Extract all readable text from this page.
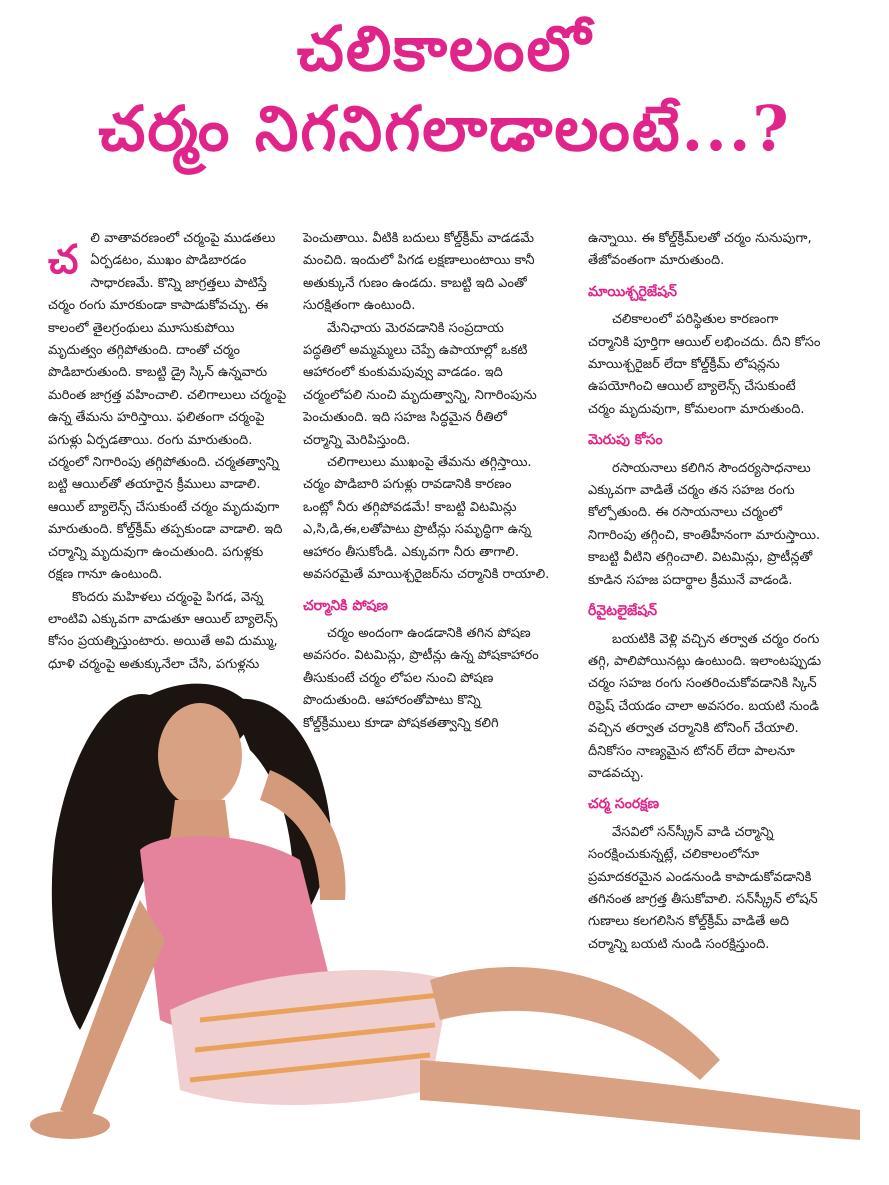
చలికాలంలో
చర్మం నిగనిగలాడాలంటే...?
చ లి వాతావరణంలో చర్మంపై ముడతలు
ఏర్పడటం, ముఖం పొడిబారడం
సాధారణమే. కొన్ని జాగ్రత్తలు పాటిస్తే
చర్మం రంగు మారకుండా కాపాడుకోవచ్చు. ఈ
కాలంలో తైలగ్రంథులు మూసుకుపోయి
మృదుత్వం తగ్గిపోతుంది. దాంతో చర్మం
పొడిబారుతుంది. కాబట్టి డ్రై స్కిన్ ఉన్నవారు
మరింత జాగ్రత్త వహించాలి. చలిగాలులు చర్మంపై
ఉన్న తేమను హరిస్తాయి. ఫలితంగా చర్మంపై
పగుళ్లు ఏర్పడతాయి. రంగు మారుతుంది.
చర్మంలో నిగారింపు తగ్గిపోతుంది. చర్మతత్వాన్ని
బట్టి ఆయిల్‌తో తయారైన క్రీములు వాడాలి.
ఆయిల్ బ్యాలెన్స్ చేసుకుంటే చర్మం మృదువుగా
మారుతుంది. కోల్డ్‌క్రీమ్ తప్పకుండా వాడాలి. ఇది
చర్మాన్ని మృదువుగా ఉంచుతుంది. పగుళ్లకు
రక్షణ గానూ ఉంటుంది.

కొందరు మహిళలు చర్మంపై పిగడ, వెన్న
లాంటివి ఎక్కువగా వాడుతూ ఆయిల్ బ్యాలెన్స్
కోసం ప్రయత్నిస్తుంటారు. అయితే అవి దుమ్ము,
ధూళి చర్మంపై అతుక్కునేలా చేసి, పగుళ్లను

పెంచుతాయి. వీటికి బదులు కోల్డ్‌క్రీమ్ వాడడమే
మంచిది. ఇందులో పిగడ లక్షణాలుంటాయి కానీ
అతుక్కునే గుణం ఉండదు. కాబట్టి ఇది ఎంతో
సురక్షితంగా ఉంటుంది.

మేనిఛాయ మెరవడానికి సంప్రదాయ
పద్ధతిలో అమ్మమ్మలు చెప్పే ఉపాయాల్లో ఒకటి
ఆహారంలో కుంకుమపువ్వు వాడడం. ఇది
చర్మంలోపలి నుంచి మృదుత్వాన్ని, నిగారింపును
పెంచుతుంది. ఇది సహజ సిద్ధమైన రీతిలో
చర్మాన్ని మెరిపిస్తుంది.

చలిగాలులు ముఖంపై తేమను తగ్గిస్తాయి.
చర్మం పొడిబారి పగుళ్లు రావడానికి కారణం
ఒంట్లో నీరు తగ్గిపోవడమే! కాబట్టి విటమిన్లు
ఎ,సి,డి,ఈ,లతోపాటు ప్రొటీన్లు సమృద్ధిగా ఉన్న
ఆహారం తీసుకోండి. ఎక్కువగా నీరు తాగాలి.
అవసరమైతే మాయిశ్చరైజర్‌ను చర్మానికి రాయాలి.

చర్మానికి పోషణ

చర్మం అందంగా ఉండడానికి తగిన పోషణ
అవసరం. విటమిన్లు, ప్రొటీన్లు ఉన్న పోషకాహారం
తీసుకుంటే చర్మం లోపల నుంచి పోషణ
పొందుతుంది. ఆహారంతోపాటు కొన్ని
కోల్డ్‌క్రీములు కూడా పోషకతత్వాన్ని కలిగి

ఉన్నాయి. ఈ కోల్డ్‌క్రీమ్‌లతో చర్మం నునుపుగా,
తేజోవంతంగా మారుతుంది.

మాయిశ్చరైజేషన్

చలికాలంలో పరిస్థితుల కారణంగా
చర్మానికి పూర్తిగా ఆయిల్ లభించదు. దీని కోసం
మాయిశ్చరైజర్ లేదా కోల్డ్‌క్రీమ్ లోషన్లను
ఉపయోగించి ఆయిల్ బ్యాలెన్స్ చేసుకుంటే
చర్మం మృదువుగా, కోమలంగా మారుతుంది.

మెరుపు కోసం

రసాయనాలు కలిగిన సౌందర్యసాధనాలు
ఎక్కువగా వాడితే చర్మం తన సహజ రంగు
కోల్పోతుంది. ఈ రసాయనాలు చర్మంలో
నిగారింపు తగ్గించి, కాంతిహీనంగా మారుస్తాయి.
కాబట్టి వీటిని తగ్గించాలి. విటమిన్లు, ప్రొటీన్లతో
కూడిన సహజ పదార్థాల క్రీమునే వాడండి.

రీవైటలైజేషన్

బయటికి వెళ్లి వచ్చిన తర్వాత చర్మం రంగు
తగ్గి, పాలిపోయినట్లు ఉంటుంది. ఇలాంటప్పుడు
చర్మం సహజ రంగు సంతరించుకోవడానికి స్కిన్
రిఫ్రెష్ చేయడం చాలా అవసరం. బయటి నుండి
వచ్చిన తర్వాత చర్మానికి టోనింగ్ చేయాలి.
దీనికోసం నాణ్యమైన టోనర్ లేదా పాలనూ
వాడవచ్చు.

చర్మ సంరక్షణ

వేసవిలో సన్‌స్క్రీన్ వాడి చర్మాన్ని
సంరక్షించుకున్నట్లే, చలికాలంలోనూ
ప్రమాదకరమైన ఎండనుండి కాపాడుకోవడానికి
తగినంత జాగ్రత్త తీసుకోవాలి. సన్‌స్క్రీన్ లోషన్
గుణాలు కలగలిసిన కోల్డ్‌క్రీమ్ వాడితే అది
చర్మాన్ని బయటి నుండి సంరక్షిస్తుంది.
